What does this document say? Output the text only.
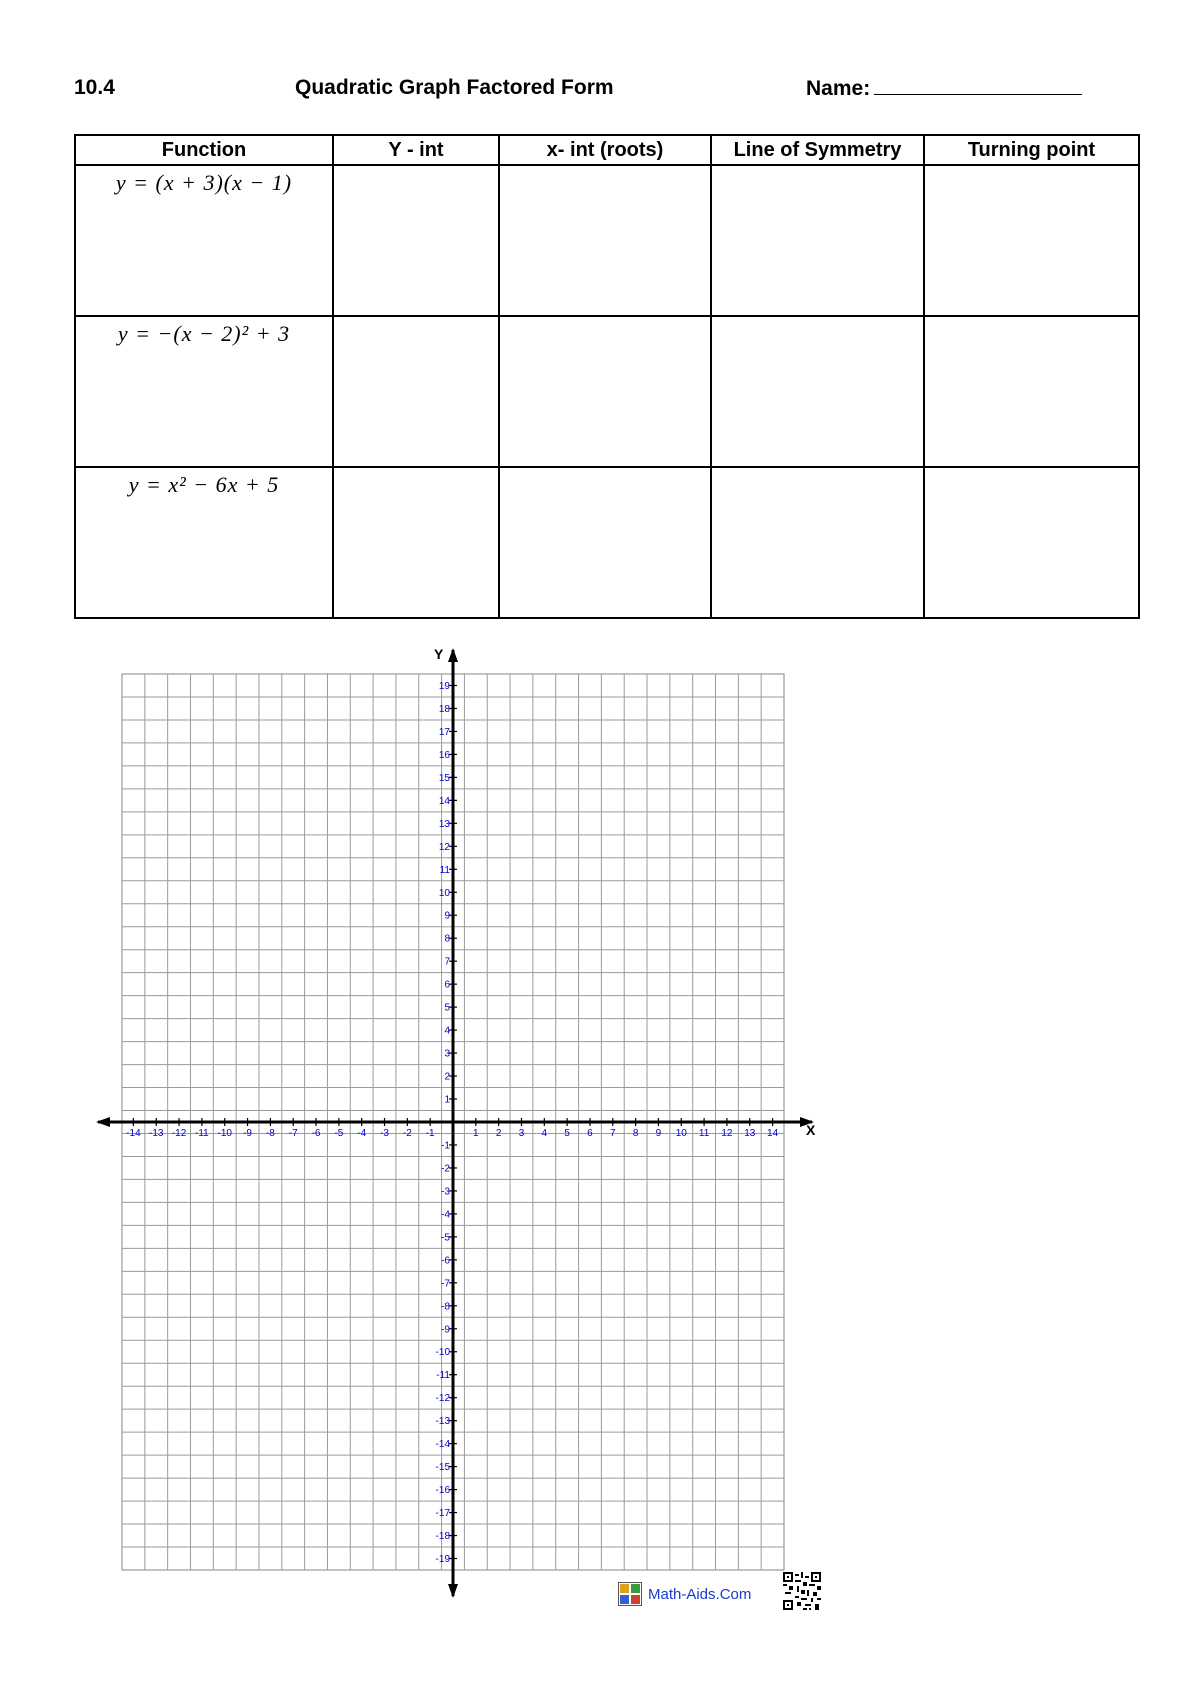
10.4	Quadratic Graph Factored Form	Name:
Function	Y - int	x- int (roots)	Line of Symmetry	Turning point
y = (x + 3)(x − 1)				
y = −(x − 2)² + 3				
y = x² − 6x + 5				
-14 -13 -12 -11 -10 -9 -8 -7 -6 -5 -4 -3 -2 -1	1 2 3 4 5 6 7 8 9 10 11 12 13 14
-19
-18
-17
-16
-15
-14
-13
-12
-11
-10
-9
-8
-7
-6
-5
-4
-3
-2
-1
1
2
3
4
5
6
7
8
9
10
11
12
13
14
15
16
17
18
19
X
Y
Math-Aids.Com
